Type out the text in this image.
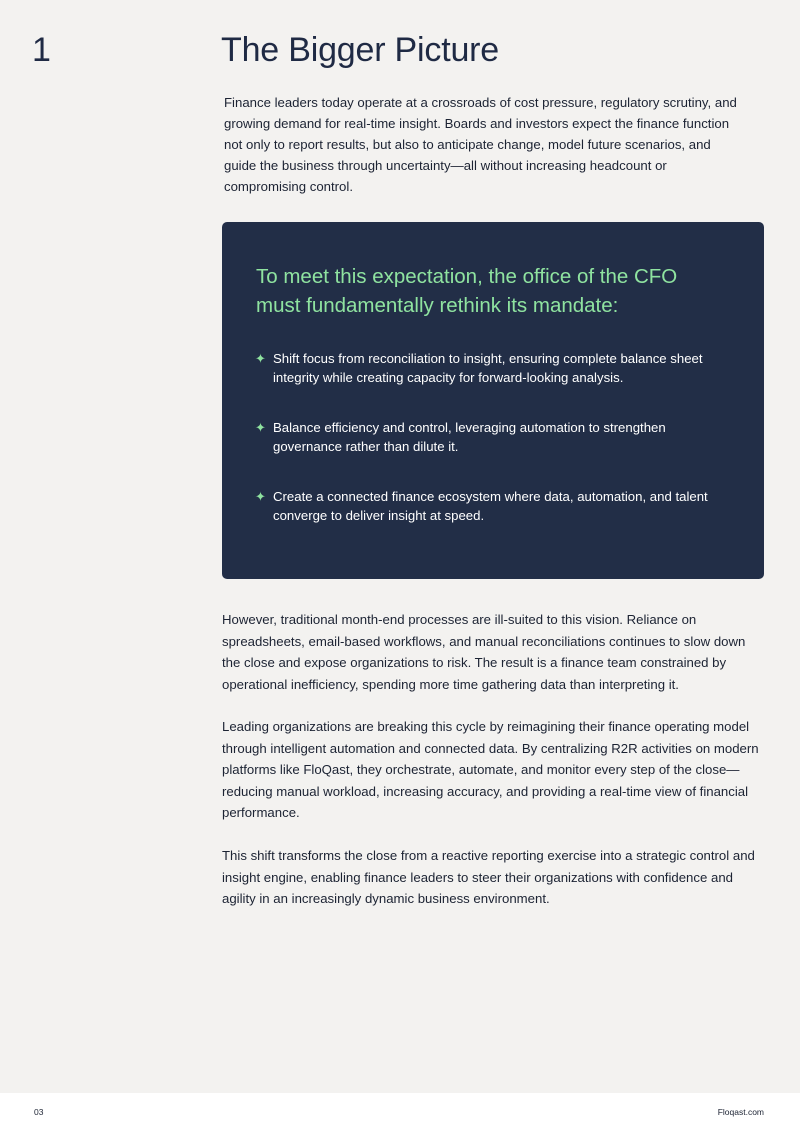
1	The Bigger Picture

Finance leaders today operate at a crossroads of cost pressure, regulatory scrutiny, and growing demand for real-time insight. Boards and investors expect the finance function not only to report results, but also to anticipate change, model future scenarios, and guide the business through uncertainty—all without increasing headcount or compromising control.

To meet this expectation, the office of the CFO must fundamentally rethink its mandate:
✦ Shift focus from reconciliation to insight, ensuring complete balance sheet integrity while creating capacity for forward-looking analysis.
✦ Balance efficiency and control, leveraging automation to strengthen governance rather than dilute it.
✦ Create a connected finance ecosystem where data, automation, and talent converge to deliver insight at speed.

However, traditional month-end processes are ill-suited to this vision. Reliance on spreadsheets, email-based workflows, and manual reconciliations continues to slow down the close and expose organizations to risk. The result is a finance team constrained by operational inefficiency, spending more time gathering data than interpreting it.

Leading organizations are breaking this cycle by reimagining their finance operating model through intelligent automation and connected data. By centralizing R2R activities on modern platforms like FloQast, they orchestrate, automate, and monitor every step of the close—reducing manual workload, increasing accuracy, and providing a real-time view of financial performance.

This shift transforms the close from a reactive reporting exercise into a strategic control and insight engine, enabling finance leaders to steer their organizations with confidence and agility in an increasingly dynamic business environment.

03	Floqast.com
